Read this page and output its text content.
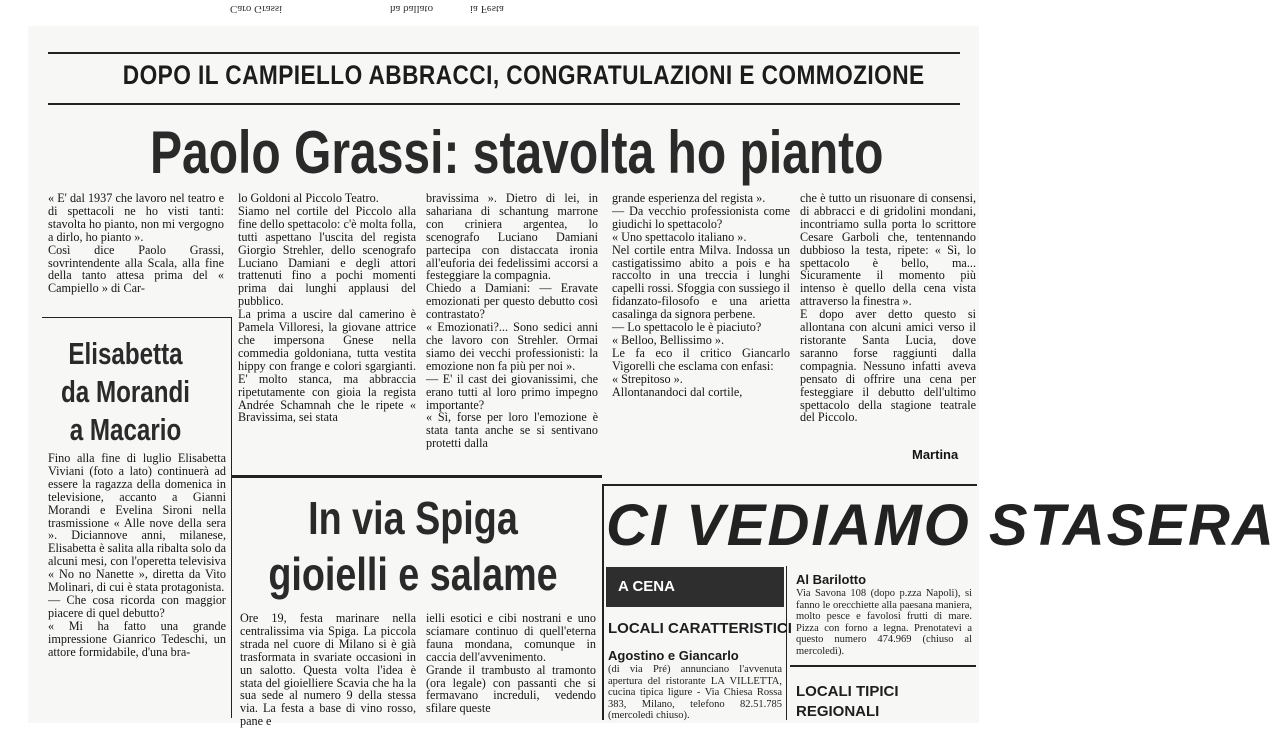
Caro Grassi	ha ballato	ia Festa
DOPO IL CAMPIELLO ABBRACCI, CONGRATULAZIONI E COMMOZIONE
Paolo Grassi: stavolta ho pianto
« E' dal 1937 che lavoro nel teatro e di spettacoli ne ho visti tanti: stavolta ho pianto, non mi vergogno a dirlo, ho pianto ».
Così dice Paolo Grassi, sovrintendente alla Scala, alla fine della tanto attesa prima del « Campiello » di Car-
lo Goldoni al Piccolo Teatro.
Siamo nel cortile del Piccolo alla fine dello spettacolo: c'è molta folla, tutti aspettano l'uscita del regista Giorgio Strehler, dello scenografo Luciano Damiani e degli attori trattenuti fino a pochi momenti prima dai lunghi applausi del pubblico.
La prima a uscire dal camerino è Pamela Villoresi, la giovane attrice che impersona Gnese nella commedia goldoniana, tutta vestita hippy con frange e colori sgargianti. E' molto stanca, ma abbraccia ripetutamente con gioia la regista Andrée Schamnah che le ripete « Bravissima, sei stata
bravissima ». Dietro di lei, in sahariana di schantung marrone con criniera argentea, lo scenografo Luciano Damiani partecipa con distaccata ironia all'euforia dei fedelissimi accorsi a festeggiare la compagnia.
Chiedo a Damiani: — Eravate emozionati per questo debutto così contrastato?
« Emozionati?... Sono sedici anni che lavoro con Strehler. Ormai siamo dei vecchi professionisti: la emozione non fa più per noi ».
— E' il cast dei giovanissimi, che erano tutti al loro primo impegno importante?
« Sì, forse per loro l'emozione è stata tanta anche se si sentivano protetti dalla
grande esperienza del regista ».
— Da vecchio professionista come giudichi lo spettacolo?
« Uno spettacolo italiano ».
Nel cortile entra Milva. Indossa un castigatissimo abito a pois e ha raccolto in una treccia i lunghi capelli rossi. Sfoggia con sussiego il fidanzato-filosofo e una arietta casalinga da signora perbene.
— Lo spettacolo le è piaciuto?
« Belloo, Bellissimo ».
Le fa eco il critico Giancarlo Vigorelli che esclama con enfasi:
« Strepitoso ».
Allontanandoci dal cortile,
che è tutto un risuonare di consensi, di abbracci e di gridolini mondani, incontriamo sulla porta lo scrittore Cesare Garboli che, tentennando dubbioso la testa, ripete: « Sì, lo spettacolo è bello, ma... Sicuramente il momento più intenso è quello della cena vista attraverso la finestra ».
E dopo aver detto questo si allontana con alcuni amici verso il ristorante Santa Lucia, dove saranno forse raggiunti dalla compagnia. Nessuno infatti aveva pensato di offrire una cena per festeggiare il debutto dell'ultimo spettacolo della stagione teatrale del Piccolo.
Martina
Elisabetta
da Morandi
a Macario
Fino alla fine di luglio Elisabetta Viviani (foto a lato) continuerà ad essere la ragazza della domenica in televisione, accanto a Gianni Morandi e Evelina Sironi nella trasmissione « Alle nove della sera ». Diciannove anni, milanese, Elisabetta è salita alla ribalta solo da alcuni mesi, con l'operetta televisiva « No no Nanette », diretta da Vito Molinari, di cui è stata protagonista.
— Che cosa ricorda con maggior piacere di quel debutto?
« Mi ha fatto una grande impressione Gianrico Tedeschi, un attore formidabile, d'una bra-
In via Spiga
gioielli e salame
Ore 19, festa marinare nella centralissima via Spiga. La piccola strada nel cuore di Milano si è già trasformata in svariate occasioni in un salotto. Questa volta l'idea è stata del gioielliere Scavia che ha la sua sede al numero 9 della stessa via. La festa a base di vino rosso, pane e
ielli esotici e cibi nostrani e uno sciamare continuo di quell'eterna fauna mondana, comunque in caccia dell'avvenimento.
Grande il trambusto al tramonto (ora legale) con passanti che si fermavano increduli, vedendo sfilare queste
CI VEDIAMO STASERA
A CENA
LOCALI CARATTERISTICI
Agostino e Giancarlo
(di via Pré) annunciano l'avvenuta apertura del ristorante LA VILLETTA, cucina tipica ligure - Via Chiesa Rossa 383, Milano, telefono 82.51.785 (mercoledì chiuso).
Al Barilotto
Via Savona 108 (dopo p.zza Napoli), si fanno le orecchiette alla paesana maniera, molto pesce e favolosi frutti di mare. Pizza con forno a legna. Prenotatevi a questo numero 474.969 (chiuso al mercoledì).
LOCALI TIPICI
REGIONALI
